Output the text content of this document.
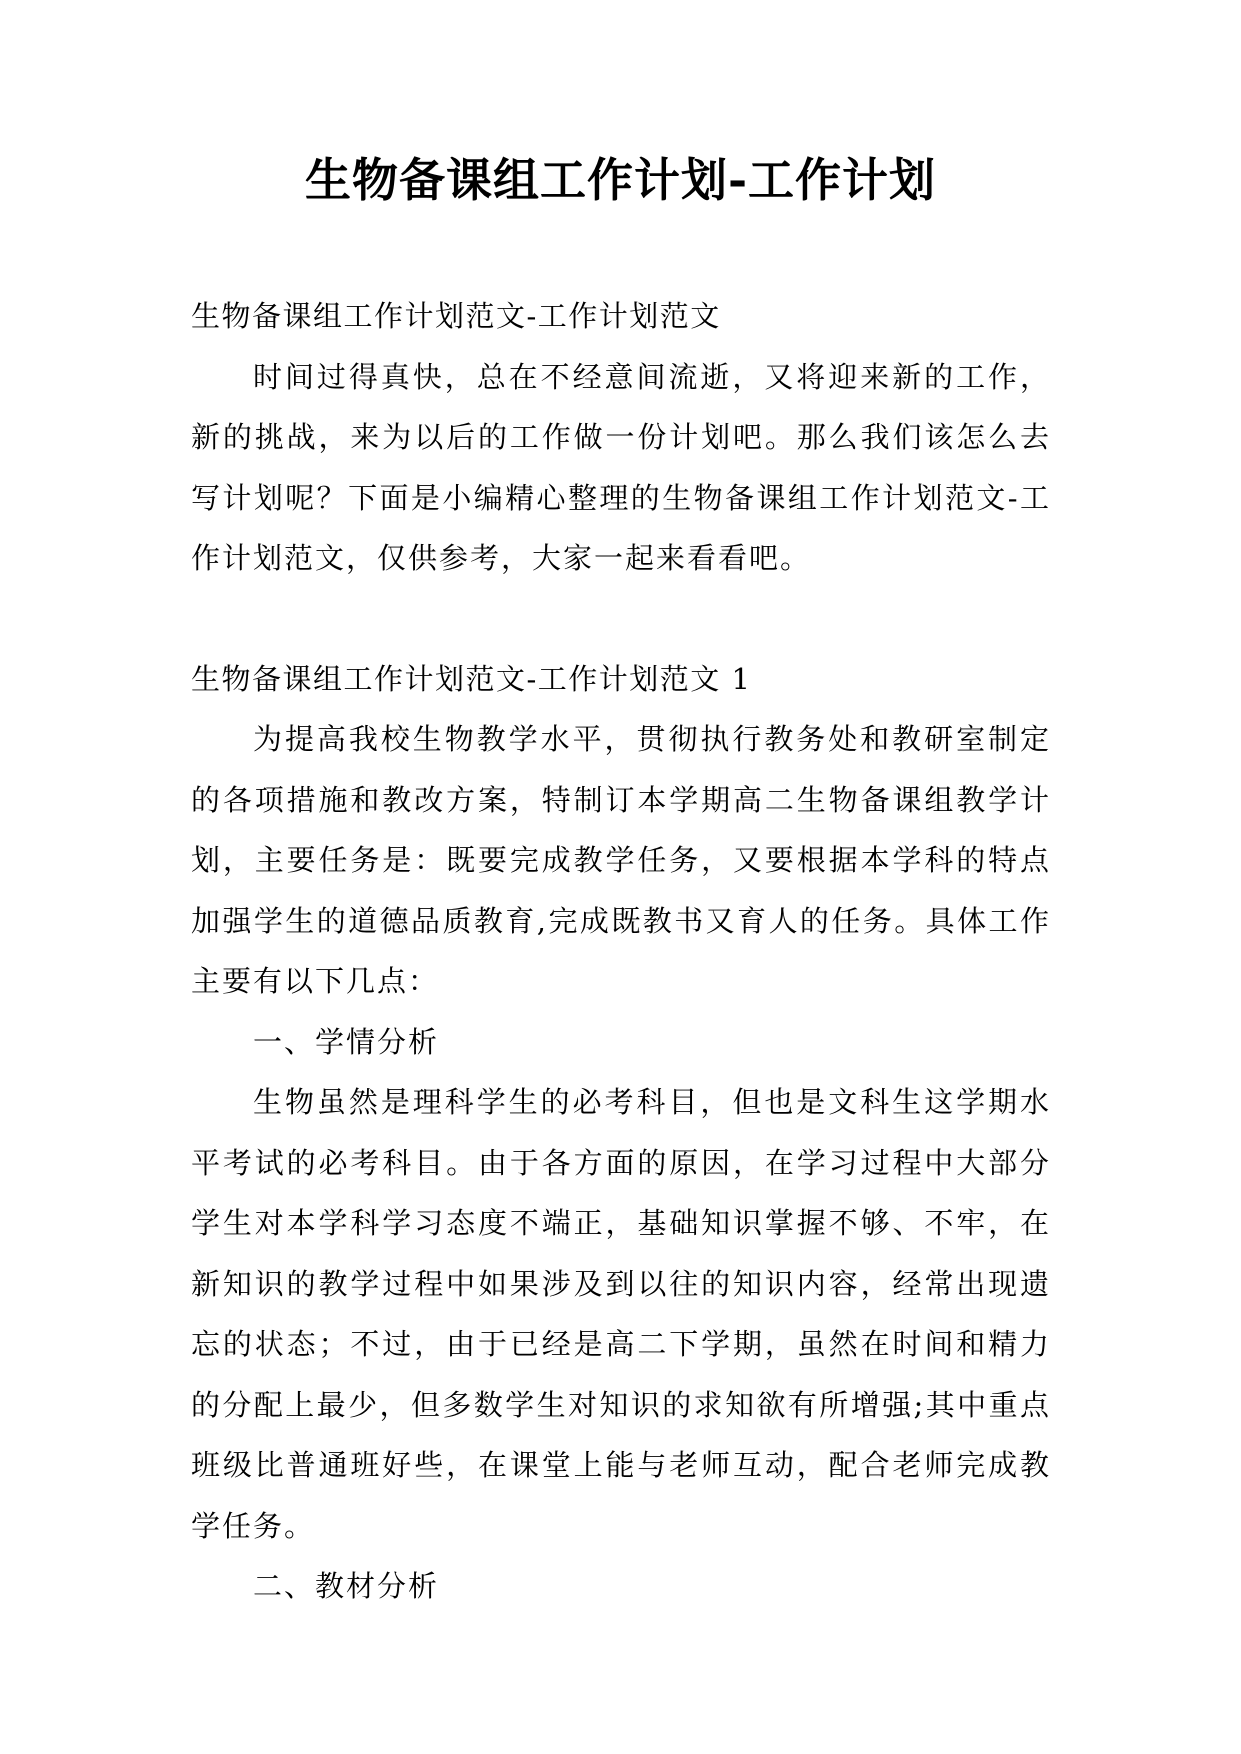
生物备课组工作计划-工作计划

生物备课组工作计划范文-工作计划范文

时间过得真快，总在不经意间流逝，又将迎来新的工作，新的挑战，来为以后的工作做一份计划吧。那么我们该怎么去写计划呢？下面是小编精心整理的生物备课组工作计划范文-工作计划范文，仅供参考，大家一起来看看吧。

生物备课组工作计划范文-工作计划范文 1

为提高我校生物教学水平，贯彻执行教务处和教研室制定的各项措施和教改方案，特制订本学期高二生物备课组教学计划，主要任务是：既要完成教学任务，又要根据本学科的特点加强学生的道德品质教育,完成既教书又育人的任务。具体工作主要有以下几点：

一、学情分析

生物虽然是理科学生的必考科目，但也是文科生这学期水平考试的必考科目。由于各方面的原因，在学习过程中大部分学生对本学科学习态度不端正，基础知识掌握不够、不牢，在新知识的教学过程中如果涉及到以往的知识内容，经常出现遗忘的状态；不过，由于已经是高二下学期，虽然在时间和精力的分配上最少，但多数学生对知识的求知欲有所增强;其中重点班级比普通班好些，在课堂上能与老师互动，配合老师完成教学任务。

二、教材分析
